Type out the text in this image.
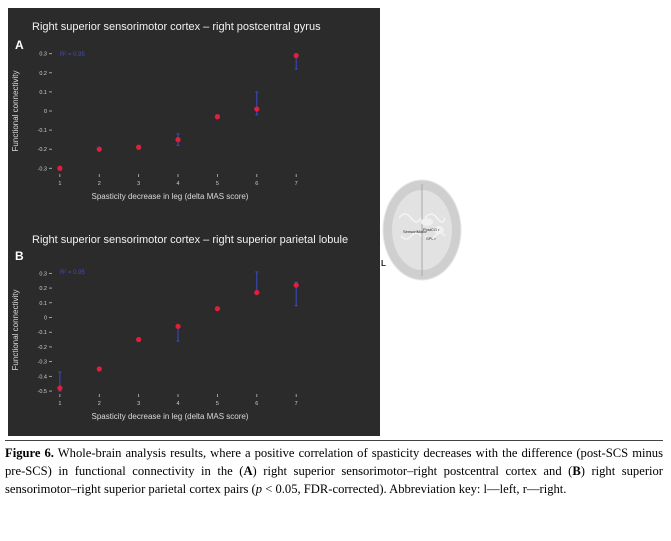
Right superior sensorimotor cortex – right postcentral gyrus
A
Right superior sensorimotor cortex – right superior parietal lobule
B
0.3
0.2
0.1
0
-0.1
-0.2
-0.3
1	2	3	4	5	6	7
Spasticity decrease in leg (delta MAS score)
Functional connectivity
R² = 0.95
0.3
0.2
0.1
0
-0.1
-0.2
-0.3
-0.4
-0.5
1	2	3	4	5	6	7
Spasticity decrease in leg (delta MAS score)
Functional connectivity
R² = 0.95
SensoriMotor
PostCG r
SPL r
L
Figure 6. Whole-brain analysis results, where a positive correlation of spasticity decreases with the difference (post-SCS minus pre-SCS) in functional connectivity in the (A) right superior sensorimotor–right postcentral cortex and (B) right superior sensorimotor–right superior parietal cortex pairs (p < 0.05, FDR-corrected). Abbreviation key: l—left, r—right.
